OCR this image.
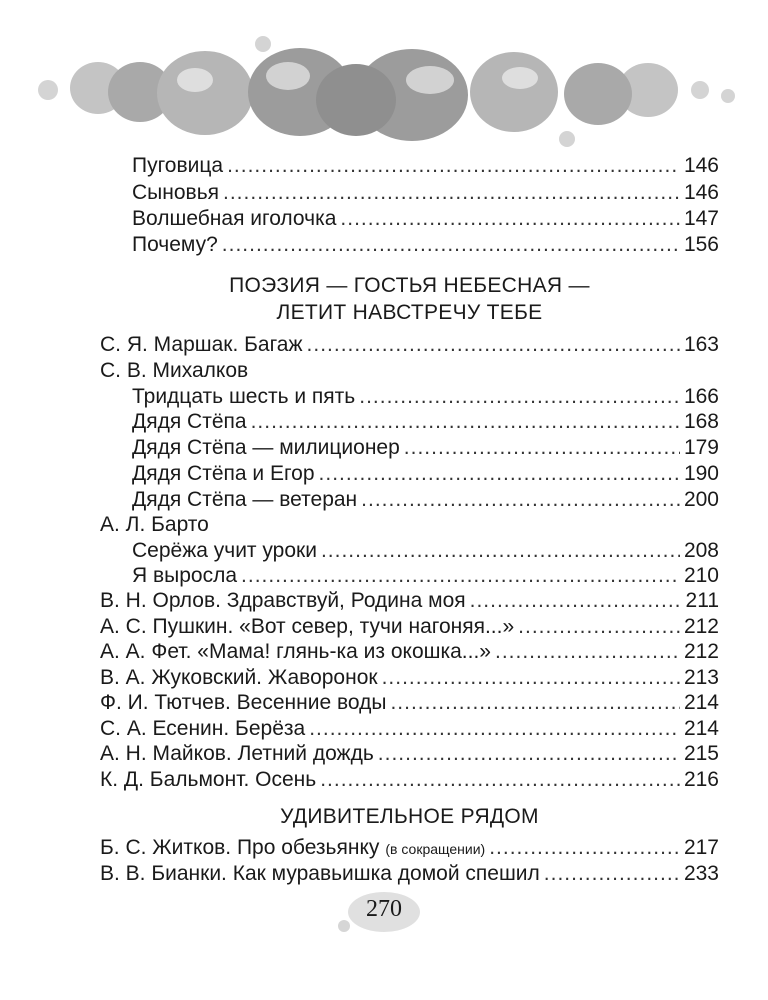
Пуговица .....	146
Сыновья .....	146
Волшебная иголочка .....	147
Почему? .....	156
ПОЭЗИЯ — ГОСТЬЯ НЕБЕСНАЯ —
ЛЕТИТ НАВСТРЕЧУ ТЕБЕ
С. Я. Маршак. Багаж .....	163
С. В. Михалков
Тридцать шесть и пять .....	166
Дядя Стёпа .....	168
Дядя Стёпа — милиционер .....	179
Дядя Стёпа и Егор .....	190
Дядя Стёпа — ветеран .....	200
А. Л. Барто
Серёжа учит уроки .....	208
Я выросла .....	210
В. Н. Орлов. Здравствуй, Родина моя .....	211
А. С. Пушкин. «Вот север, тучи нагоняя...» .....	212
А. А. Фет. «Мама! глянь-ка из окошка...» .....	212
В. А. Жуковский. Жаворонок .....	213
Ф. И. Тютчев. Весенние воды .....	214
С. А. Есенин. Берёза .....	214
А. Н. Майков. Летний дождь .....	215
К. Д. Бальмонт. Осень .....	216
УДИВИТЕЛЬНОЕ РЯДОМ
Б. С. Житков. Про обезьянку (в сокращении) .....	217
В. В. Бианки. Как муравьишка домой спешил .....	233
270
